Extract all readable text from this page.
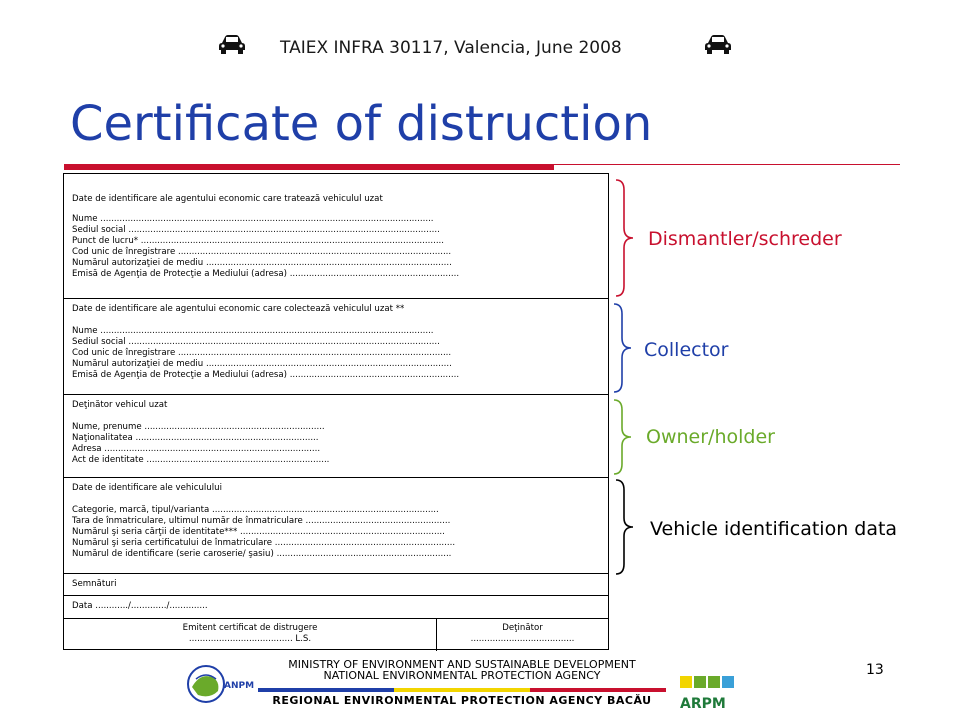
TAIEX INFRA 30117, Valencia, June 2008
Certificate of distruction
Date de identificare ale agentului economic care tratează vehiculul uzat
Nume ..........................................................................................................................
Sediul social ..................................................................................................................
Punct de lucru* ...............................................................................................................
Cod unic de înregistrare ....................................................................................................
Numărul autorizaţiei de mediu ..........................................................................................
Emisă de Agenţia de Protecţie a Mediului (adresa) ..............................................................
Date de identificare ale agentului economic care colectează vehiculul uzat **
Nume ..........................................................................................................................
Sediul social ..................................................................................................................
Cod unic de înregistrare ....................................................................................................
Numărul autorizaţiei de mediu ..........................................................................................
Emisă de Agenţia de Protecţie a Mediului (adresa) ..............................................................
Deţinător vehicul uzat
Nume, prenume ..................................................................
Naţionalitatea ...................................................................
Adresa ...............................................................................
Act de identitate ...................................................................
Date de identificare ale vehiculului
Categorie, marcă, tipul/varianta ...................................................................................
Tara de înmatriculare, ultimul număr de înmatriculare .....................................................
Numărul şi seria cărţii de identitate*** ...........................................................................
Numărul şi seria certificatului de înmatriculare ..................................................................
Numărul de identificare (serie caroserie/ şasiu) ................................................................
Semnături
Data ............/............./..............
Emitent certificat de distrugere
...................................... L.S.
Deţinător
......................................
Dismantler/schreder
Collector
Owner/holder
Vehicle identification data
ANPM
MINISTRY OF ENVIRONMENT AND SUSTAINABLE DEVELOPMENT
NATIONAL ENVIRONMENTAL PROTECTION AGENCY
REGIONAL ENVIRONMENTAL PROTECTION AGENCY BACĂU	ARPM
13
